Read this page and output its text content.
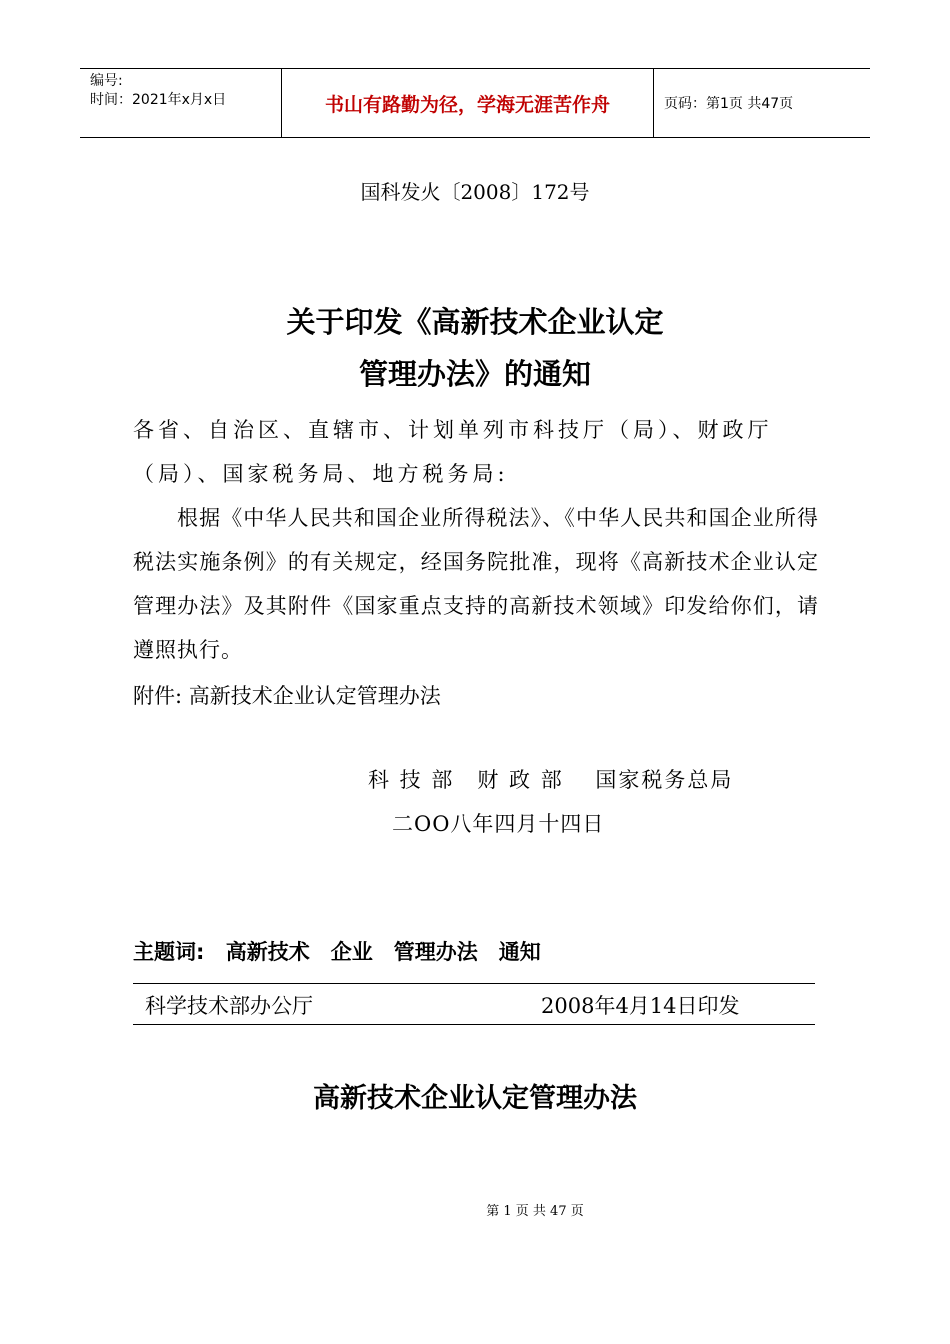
编号:
时间：2021年x月x日	书山有路勤为径，学海无涯苦作舟	页码：第1页 共47页
国科发火〔2008〕172号
关于印发《高新技术企业认定
管理办法》的通知
各省、自治区、直辖市、计划单列市科技厅（局）、财政厅（局）、国家税务局、地方税务局:
根据《中华人民共和国企业所得税法》、《中华人民共和国企业所得税法实施条例》的有关规定，经国务院批准，现将《高新技术企业认定管理办法》及其附件《国家重点支持的高新技术领域》印发给你们，请遵照执行。
附件: 高新技术企业认定管理办法
科 技 部　财 政 部　 国家税务总局
二OO八年四月十四日
主题词: 高新技术　企业　管理办法　通知
科学技术部办公厅	2008年4月14日印发
高新技术企业认定管理办法
第 1 页 共 47 页
